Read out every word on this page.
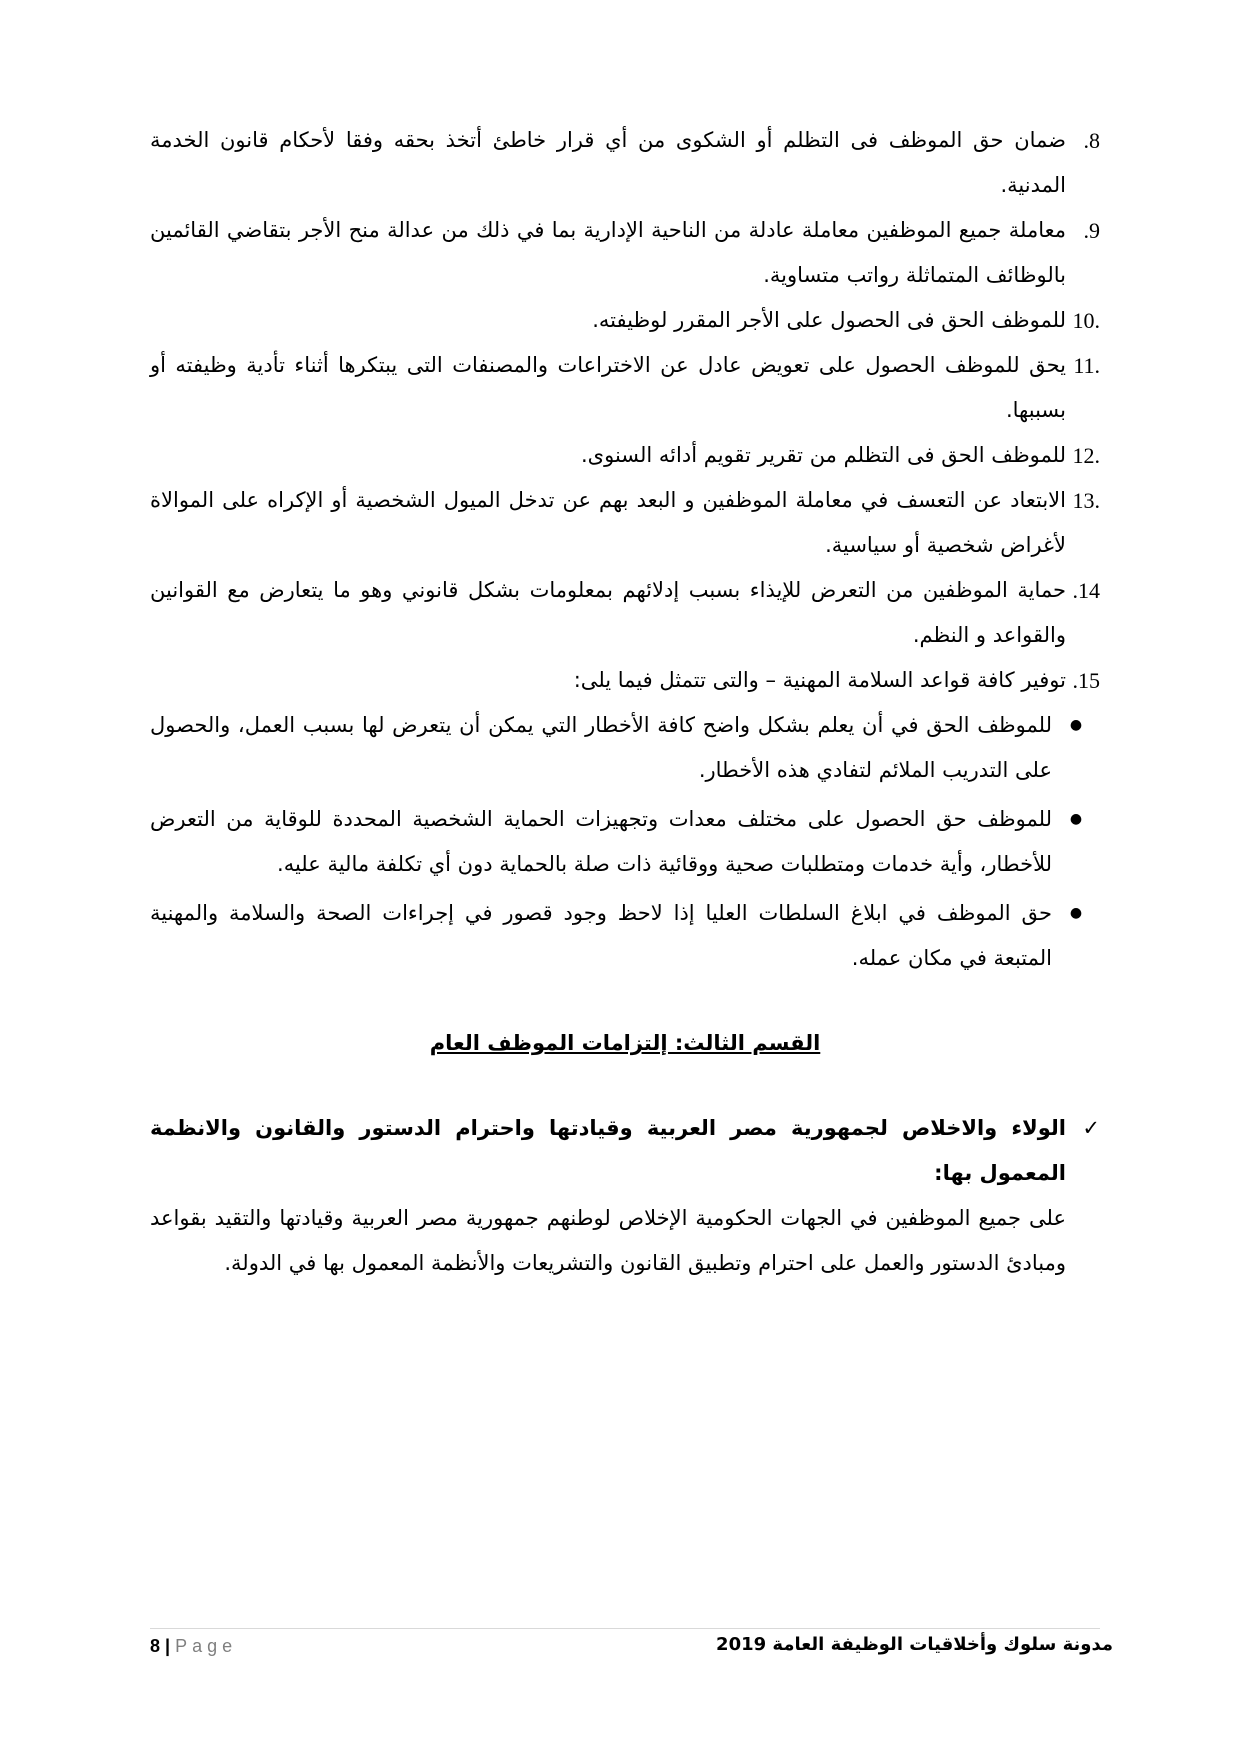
.8
ضمان حق الموظف فى التظلم أو الشكوى من أي قرار خاطئ أتخذ بحقه وفقا لأحكام قانون الخدمة المدنية.
.9
معاملة جميع الموظفين معاملة عادلة من الناحية الإدارية بما في ذلك من عدالة منح الأجر بتقاضي القائمين بالوظائف المتماثلة رواتب متساوية.
10.
للموظف الحق فى الحصول على الأجر المقرر لوظيفته.
11.
يحق للموظف الحصول على تعويض عادل عن الاختراعات والمصنفات التى يبتكرها أثناء تأدية وظيفته أو بسببها.
12.
للموظف الحق فى التظلم من تقرير تقويم أدائه السنوى.
13.
الابتعاد عن التعسف في معاملة الموظفين و البعد بهم عن تدخل الميول الشخصية أو الإكراه على الموالاة لأغراض شخصية أو سياسية.
.14
حماية الموظفين من التعرض للإيذاء بسبب إدلائهم بمعلومات بشكل قانوني وهو ما يتعارض مع القوانين والقواعد و النظم.
.15
توفير كافة قواعد السلامة المهنية – والتى تتمثل فيما يلى:
●
للموظف الحق في أن يعلم بشكل واضح كافة الأخطار التي يمكن أن يتعرض لها بسبب العمل، والحصول على التدريب الملائم لتفادي هذه الأخطار.
●
للموظف حق الحصول على مختلف معدات وتجهيزات الحماية الشخصية المحددة للوقاية من التعرض للأخطار، وأية خدمات ومتطلبات صحية ووقائية ذات صلة بالحماية دون أي تكلفة مالية عليه.
●
حق الموظف في ابلاغ السلطات العليا إذا لاحظ وجود قصور في إجراءات الصحة والسلامة والمهنية المتبعة في مكان عمله.
القسم الثالث: إلتزامات الموظف العام
✓
الولاء والاخلاص لجمهورية مصر العربية وقيادتها واحترام الدستور والقانون والانظمة المعمول بها:
على جميع الموظفين في الجهات الحكومية الإخلاص لوطنهم جمهورية مصر العربية وقيادتها والتقيد بقواعد ومبادئ الدستور والعمل على احترام وتطبيق القانون والتشريعات والأنظمة المعمول بها في الدولة.
8 | Page	مدونة سلوك وأخلاقيات الوظيفة العامة 2019
